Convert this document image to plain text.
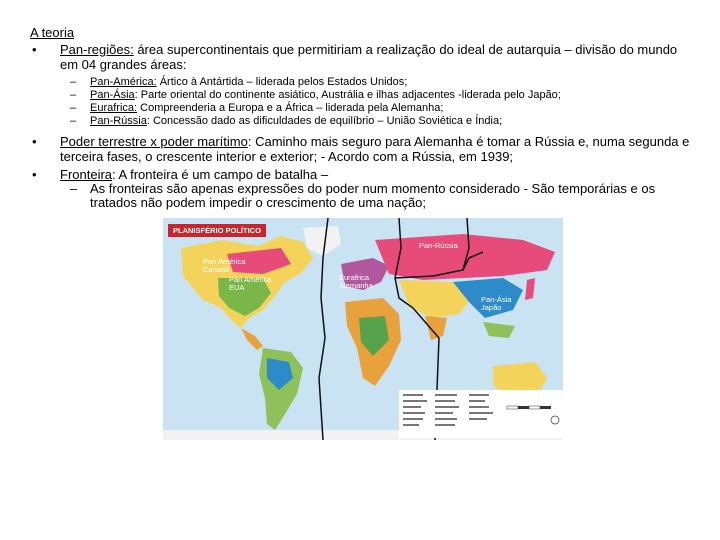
A teoria
• Pan-regiões: área supercontinentais que permitiriam a realização do ideal de autarquia – divisão do mundo em 04 grandes áreas:
– Pan-América: Ártico à Antártida – liderada pelos Estados Unidos;
– Pan-Ásia: Parte oriental do continente asiático, Austrália e ilhas adjacentes -liderada pelo Japão;
– Eurafrica: Compreenderia a Europa e a África – liderada pela Alemanha;
– Pan-Rússia: Concessão dado as dificuldades de equilíbrio – União Soviética e Índia;
• Poder terrestre x poder marítimo: Caminho mais seguro para Alemanha é tomar a Rússia e, numa segunda e terceira fases, o crescente interior e exterior; - Acordo com a Rússia, em 1939;
• Fronteira: A fronteira é um campo de batalha –
– As fronteiras são apenas expressões do poder num momento considerado - São temporárias e os tratados não podem impedir o crescimento de uma nação;
PLANISFÉRIO POLÍTICO
Pan-Rússia
Pan América
Canadá
Pan América
EUA
Eurafrica
Alemanha
Pan-Ásia
Japão
